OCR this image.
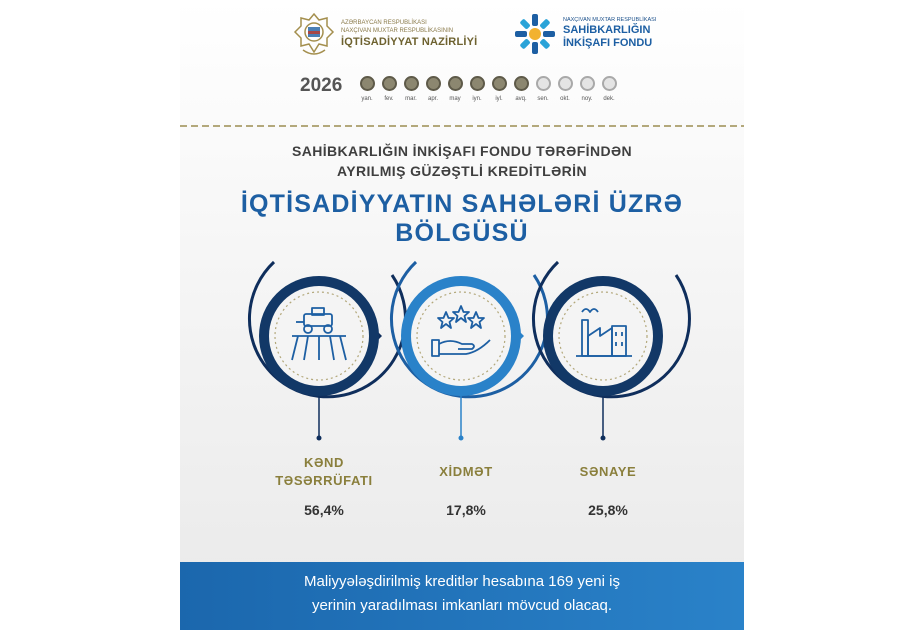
AZƏRBAYCAN RESPUBLİKASI
NAXÇIVAN MUXTAR RESPUBLİKASININ
İQTİSADİYYAT NAZİRLİYİ
NAXÇIVAN MUXTAR RESPUBLİKASI
SAHİBKARLIĞIN
İNKİŞAFI FONDU
2026
yan.	fev.	mar.	apr.	may	iyn.	iyl.	avq.	sen.	okt.	noy.	dek.
SAHİBKARLIĞIN İNKİŞAFI FONDU TƏRƏFİNDƏN
AYRILMIŞ GÜZƏŞTLİ KREDİTLƏRİN
İQTİSADİYYATIN SAHƏLƏRİ ÜZRƏ BÖLGÜSÜ
KƏND
TƏSƏRRÜFATI
56,4%
XİDMƏT
17,8%
SƏNAYE
25,8%
Maliyyələşdirilmiş kreditlər hesabına 169 yeni iş
yerinin yaradılması imkanları mövcud olacaq.
